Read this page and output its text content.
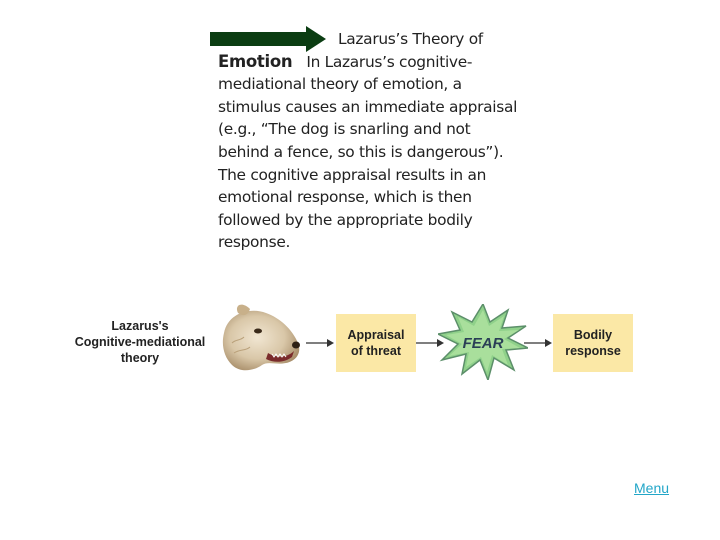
Lazarus’s Theory of
Emotion In Lazarus’s cognitive-
mediational theory of emotion, a
stimulus causes an immediate appraisal
(e.g., “The dog is snarling and not
behind a fence, so this is dangerous”).
The cognitive appraisal results in an
emotional response, which is then
followed by the appropriate bodily
response.
Lazarus's
Cognitive-mediational
theory
Appraisal
of threat	FEAR	Bodily
response
Menu
